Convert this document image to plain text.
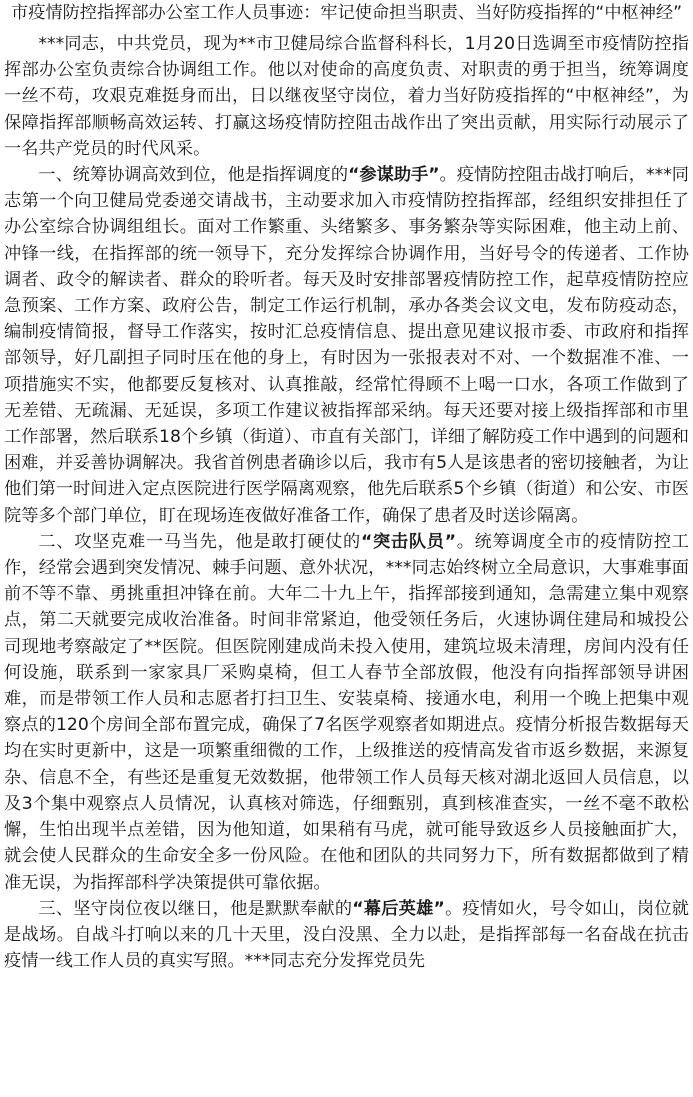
市疫情防控指挥部办公室工作人员事迹：牢记使命担当职责、当好防疫指挥的“中枢神经”

***同志，中共党员，现为**市卫健局综合监督科科长，1月20日选调至市疫情防控指挥部办公室负责综合协调组工作。他以对使命的高度负责、对职责的勇于担当，统筹调度一丝不苟，攻艰克难挺身而出，日以继夜坚守岗位，着力当好防疫指挥的“中枢神经”，为保障指挥部顺畅高效运转、打赢这场疫情防控阻击战作出了突出贡献，用实际行动展示了一名共产党员的时代风采。

一、统筹协调高效到位，他是指挥调度的“参谋助手”。疫情防控阻击战打响后，***同志第一个向卫健局党委递交请战书，主动要求加入市疫情防控指挥部，经组织安排担任了办公室综合协调组组长。面对工作繁重、头绪繁多、事务繁杂等实际困难，他主动上前、冲锋一线，在指挥部的统一领导下，充分发挥综合协调作用，当好号令的传递者、工作协调者、政令的解读者、群众的聆听者。每天及时安排部署疫情防控工作，起草疫情防控应急预案、工作方案、政府公告，制定工作运行机制，承办各类会议文电，发布防疫动态，编制疫情简报，督导工作落实，按时汇总疫情信息、提出意见建议报市委、市政府和指挥部领导，好几副担子同时压在他的身上，有时因为一张报表对不对、一个数据准不准、一项措施实不实，他都要反复核对、认真推敲，经常忙得顾不上喝一口水，各项工作做到了无差错、无疏漏、无延误，多项工作建议被指挥部采纳。每天还要对接上级指挥部和市里工作部署，然后联系18个乡镇（街道）、市直有关部门，详细了解防疫工作中遇到的问题和困难，并妥善协调解决。我省首例患者确诊以后，我市有5人是该患者的密切接触者，为让他们第一时间进入定点医院进行医学隔离观察，他先后联系5个乡镇（街道）和公安、市医院等多个部门单位，盯在现场连夜做好准备工作，确保了患者及时送诊隔离。

二、攻坚克难一马当先，他是敢打硬仗的“突击队员”。统筹调度全市的疫情防控工作，经常会遇到突发情况、棘手问题、意外状况，***同志始终树立全局意识，大事难事面前不等不靠、勇挑重担冲锋在前。大年二十九上午，指挥部接到通知，急需建立集中观察点，第二天就要完成收治准备。时间非常紧迫，他受领任务后，火速协调住建局和城投公司现地考察敲定了**医院。但医院刚建成尚未投入使用，建筑垃圾未清理，房间内没有任何设施，联系到一家家具厂采购桌椅，但工人春节全部放假，他没有向指挥部领导讲困难，而是带领工作人员和志愿者打扫卫生、安装桌椅、接通水电，利用一个晚上把集中观察点的120个房间全部布置完成，确保了7名医学观察者如期进点。疫情分析报告数据每天均在实时更新中，这是一项繁重细微的工作，上级推送的疫情高发省市返乡数据，来源复杂、信息不全，有些还是重复无效数据，他带领工作人员每天核对湖北返回人员信息，以及3个集中观察点人员情况，认真核对筛选，仔细甄别，真到核准查实，一丝不毫不敢松懈，生怕出现半点差错，因为他知道，如果稍有马虎，就可能导致返乡人员接触面扩大，就会使人民群众的生命安全多一份风险。在他和团队的共同努力下，所有数据都做到了精准无误，为指挥部科学决策提供可靠依据。

三、坚守岗位夜以继日，他是默默奉献的“幕后英雄”。疫情如火，号令如山，岗位就是战场。自战斗打响以来的几十天里，没白没黑、全力以赴，是指挥部每一名奋战在抗击疫情一线工作人员的真实写照。***同志充分发挥党员先
